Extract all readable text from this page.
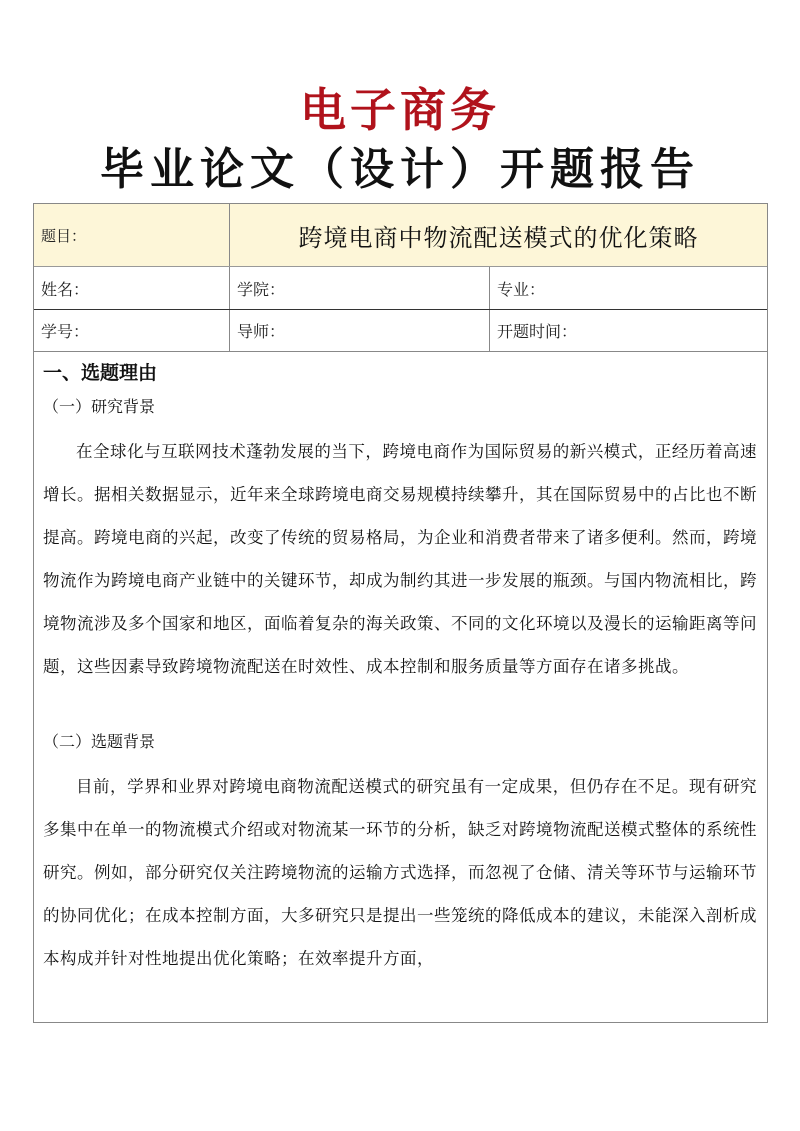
电子商务
毕业论文（设计）开题报告
题目：	跨境电商中物流配送模式的优化策略
姓名：	学院：	专业：
学号：	导师：	开题时间：
一、选题理由
（一）研究背景

在全球化与互联网技术蓬勃发展的当下，跨境电商作为国际贸易的新兴模式，正经历着高速增长。据相关数据显示，近年来全球跨境电商交易规模持续攀升，其在国际贸易中的占比也不断提高。跨境电商的兴起，改变了传统的贸易格局，为企业和消费者带来了诸多便利。然而，跨境物流作为跨境电商产业链中的关键环节，却成为制约其进一步发展的瓶颈。与国内物流相比，跨境物流涉及多个国家和地区，面临着复杂的海关政策、不同的文化环境以及漫长的运输距离等问题，这些因素导致跨境物流配送在时效性、成本控制和服务质量等方面存在诸多挑战。

（二）选题背景

目前，学界和业界对跨境电商物流配送模式的研究虽有一定成果，但仍存在不足。现有研究多集中在单一的物流模式介绍或对物流某一环节的分析，缺乏对跨境物流配送模式整体的系统性研究。例如，部分研究仅关注跨境物流的运输方式选择，而忽视了仓储、清关等环节与运输环节的协同优化；在成本控制方面，大多研究只是提出一些笼统的降低成本的建议，未能深入剖析成本构成并针对性地提出优化策略；在效率提升方面，
